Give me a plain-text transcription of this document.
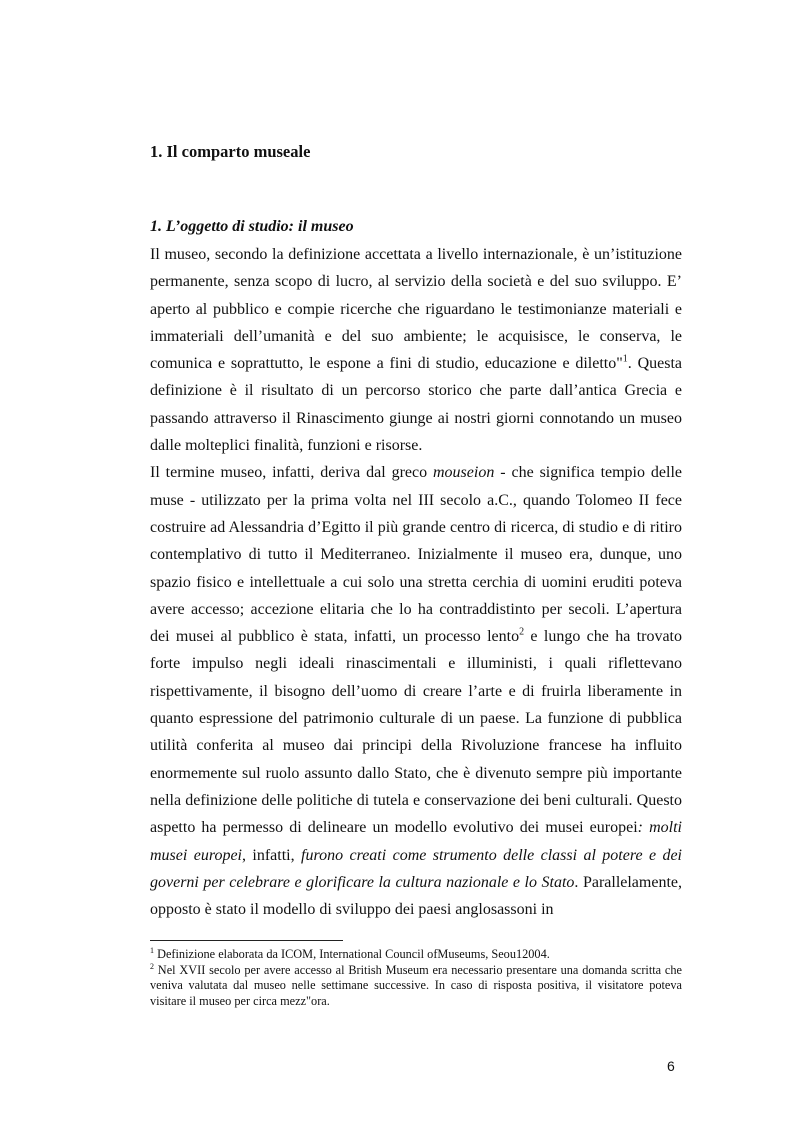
1. Il comparto museale
1. L’oggetto di studio: il museo

Il museo, secondo la definizione accettata a livello internazionale, è un’istituzione permanente, senza scopo di lucro, al servizio della società e del suo sviluppo. E’ aperto al pubblico e compie ricerche che riguardano le testimonianze materiali e immateriali dell’umanità e del suo ambiente; le acquisisce, le conserva, le comunica e soprattutto, le espone a fini di studio, educazione e diletto"$^1$. Questa definizione è il risultato di un percorso storico che parte dall’antica Grecia e passando attraverso il Rinascimento giunge ai nostri giorni connotando un museo dalle molteplici finalità, funzioni e risorse.

Il termine museo, infatti, deriva dal greco mouseion - che significa tempio delle muse - utilizzato per la prima volta nel III secolo a.C., quando Tolomeo II fece costruire ad Alessandria d’Egitto il più grande centro di ricerca, di studio e di ritiro contemplativo di tutto il Mediterraneo. Inizialmente il museo era, dunque, uno spazio fisico e intellettuale a cui solo una stretta cerchia di uomini eruditi poteva avere accesso; accezione elitaria che lo ha contraddistinto per secoli. L’apertura dei musei al pubblico è stata, infatti, un processo lento$^2$ e lungo che ha trovato forte impulso negli ideali rinascimentali e illuministi, i quali riflettevano rispettivamente, il bisogno dell’uomo di creare l’arte e di fruirla liberamente in quanto espressione del patrimonio culturale di un paese. La funzione di pubblica utilità conferita al museo dai principi della Rivoluzione francese ha influito enormemente sul ruolo assunto dallo Stato, che è divenuto sempre più importante nella definizione delle politiche di tutela e conservazione dei beni culturali. Questo aspetto ha permesso di delineare un modello evolutivo dei musei europei: molti musei europei, infatti, furono creati come strumento delle classi al potere e dei governi per celebrare e glorificare la cultura nazionale e lo Stato. Parallelamente, opposto è stato il modello di sviluppo dei paesi anglosassoni in

$^1$ Definizione elaborata da ICOM, International Council ofMuseums, Seou12004.

$^2$ Nel XVII secolo per avere accesso al British Museum era necessario presentare una domanda scritta che veniva valutata dal museo nelle settimane successive. In caso di risposta positiva, il visitatore poteva visitare il museo per circa mezz"ora.

6
